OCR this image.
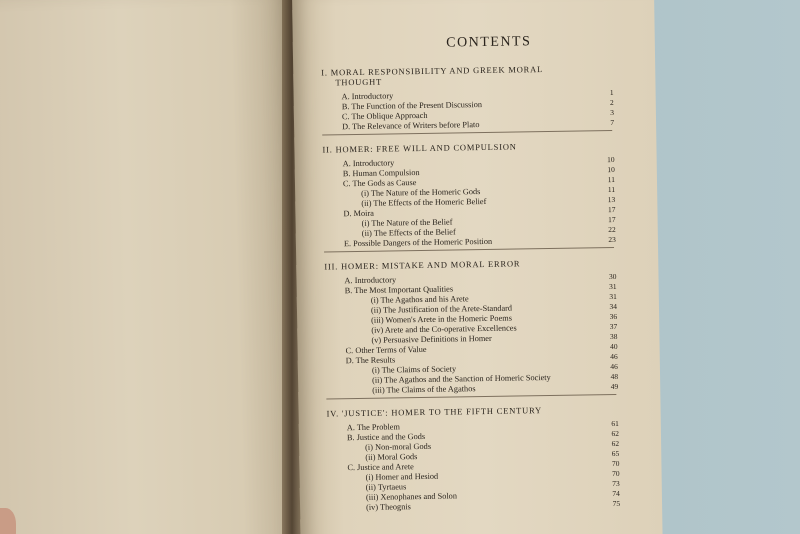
CONTENTS
I. MORAL RESPONSIBILITY AND GREEK MORAL
THOUGHT
A. Introductory	1
B. The Function of the Present Discussion	2
C. The Oblique Approach	3
D. The Relevance of Writers before Plato	7
II. HOMER: FREE WILL AND COMPULSION
A. Introductory	10
B. Human Compulsion	10
C. The Gods as Cause	11
(i) The Nature of the Homeric Gods	11
(ii) The Effects of the Homeric Belief	13
D. Moira	17
(i) The Nature of the Belief	17
(ii) The Effects of the Belief	22
E. Possible Dangers of the Homeric Position	23
III. HOMER: MISTAKE AND MORAL ERROR
A. Introductory	30
B. The Most Important Qualities	31
(i) The Agathos and his Arete	31
(ii) The Justification of the Arete-Standard	34
(iii) Women's Arete in the Homeric Poems	36
(iv) Arete and the Co-operative Excellences	37
(v) Persuasive Definitions in Homer	38
C. Other Terms of Value	40
D. The Results	46
(i) The Claims of Society	46
(ii) The Agathos and the Sanction of Homeric Society	48
(iii) The Claims of the Agathos	49
IV. 'JUSTICE': HOMER TO THE FIFTH CENTURY
A. The Problem	61
B. Justice and the Gods	62
(i) Non-moral Gods	62
(ii) Moral Gods	65
C. Justice and Arete	70
(i) Homer and Hesiod	70
(ii) Tyrtaeus	73
(iii) Xenophanes and Solon	74
(iv) Theognis	75
